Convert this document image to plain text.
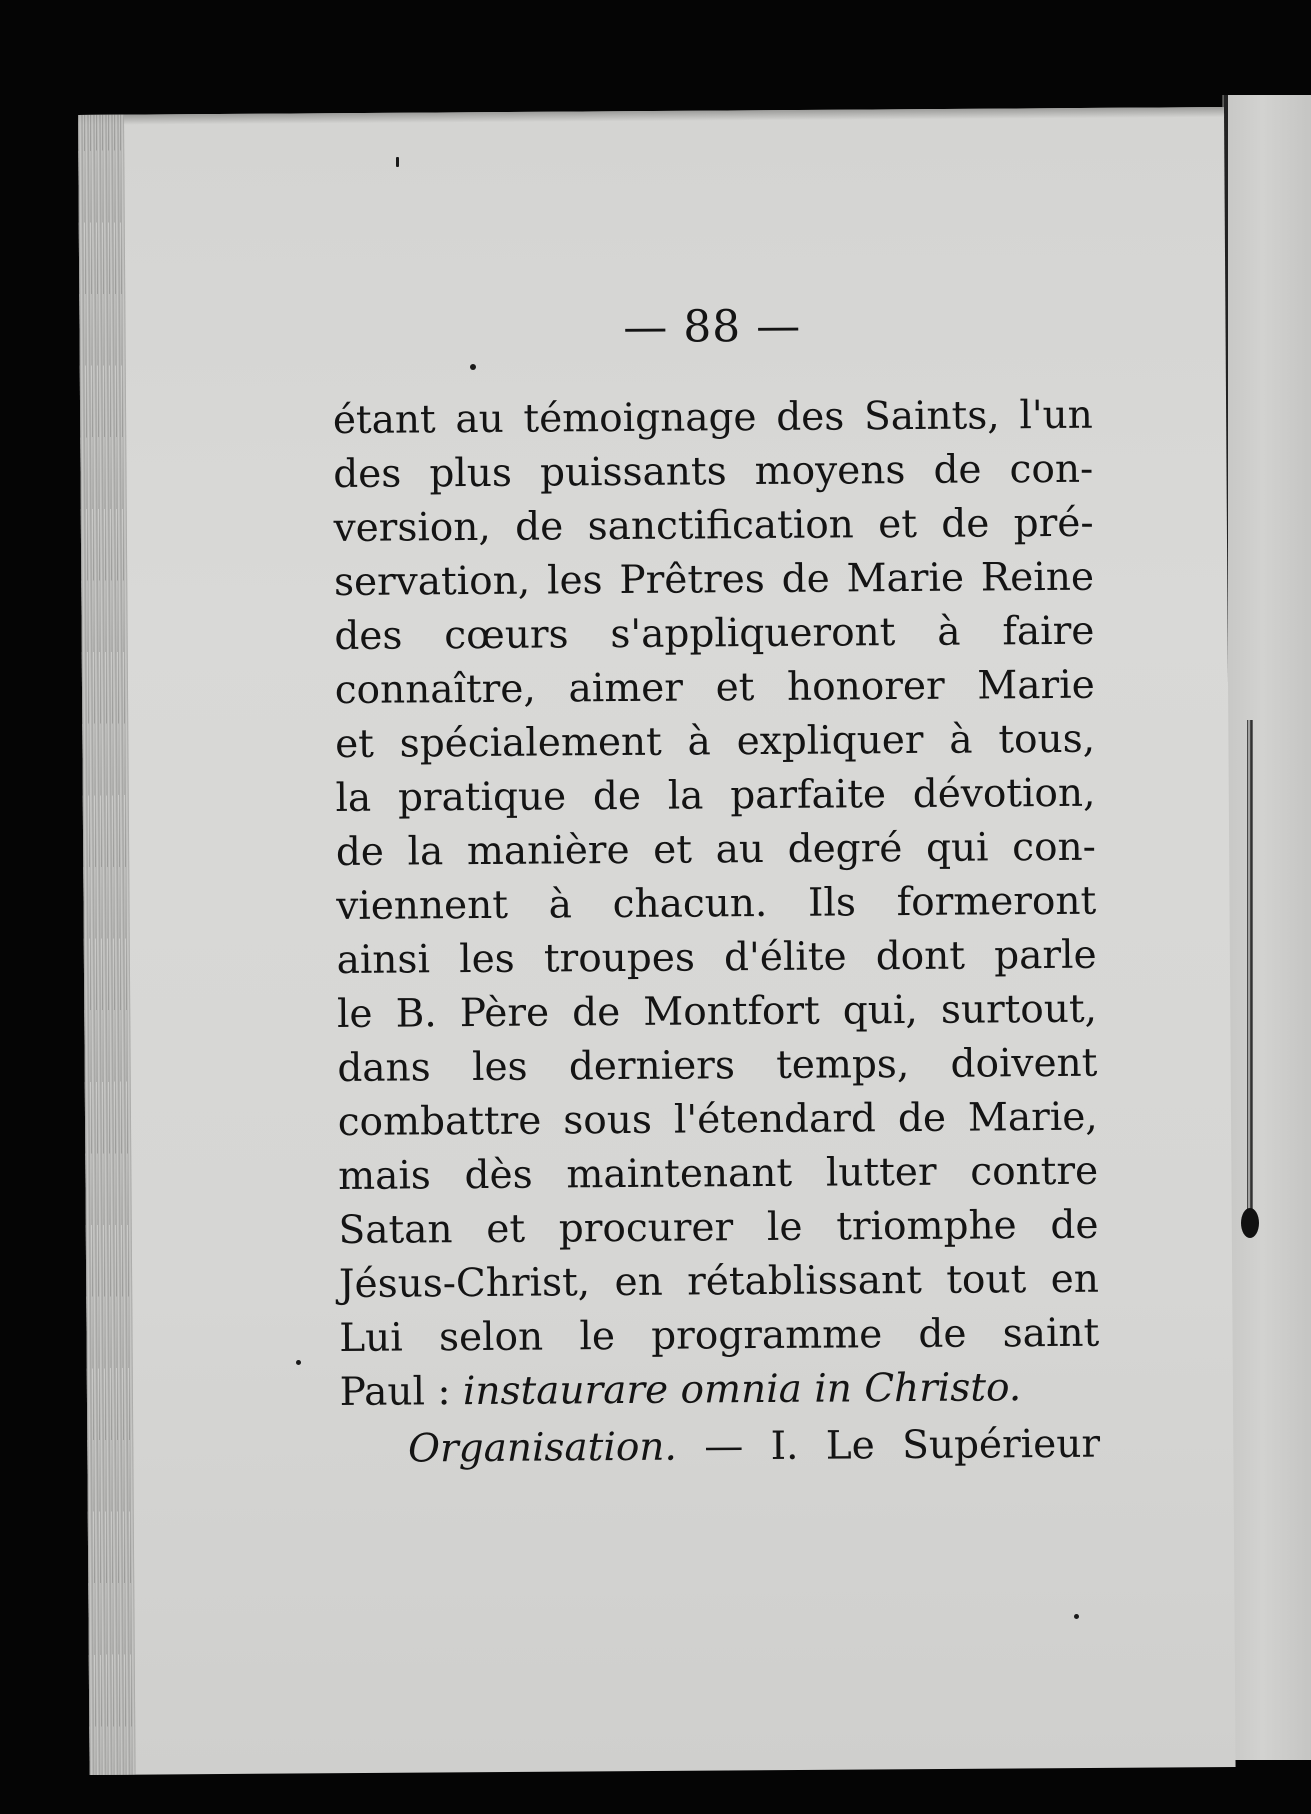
— 88 —
étant au témoignage des Saints, l'un
des plus puissants moyens de con-
version, de sanctification et de pré-
servation, les Prêtres de Marie Reine
des cœurs s'appliqueront à faire
connaître, aimer et honorer Marie
et spécialement à expliquer à tous,
la pratique de la parfaite dévotion,
de la manière et au degré qui con-
viennent à chacun. Ils formeront
ainsi les troupes d'élite dont parle
le B. Père de Montfort qui, surtout,
dans les derniers temps, doivent
combattre sous l'étendard de Marie,
mais dès maintenant lutter contre
Satan et procurer le triomphe de
Jésus-Christ, en rétablissant tout en
Lui selon le programme de saint
Paul : instaurare omnia in Christo.
Organisation. — I. Le Supérieur
